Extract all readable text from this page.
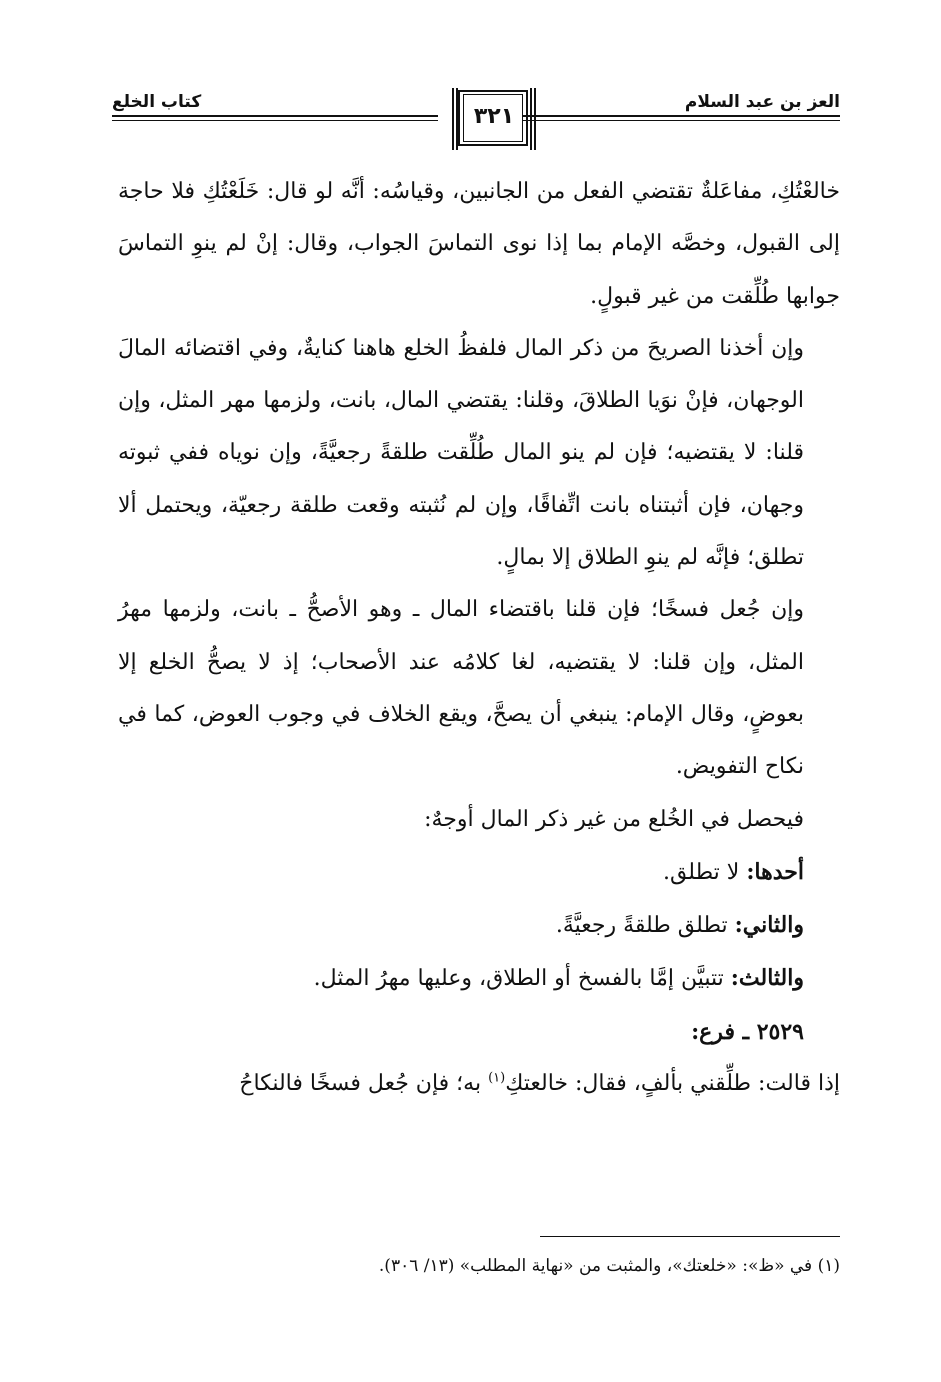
العز بن عبد السلام
كتاب الخلع
٣٢١

خالعْتُكِ، مفاعَلةٌ تقتضي الفعل من الجانبين، وقياسُه: أنَّه لو قال: خَلَعْتُكِ فلا حاجة إلى القبول، وخصَّه الإمام بما إذا نوى التماسَ الجواب، وقال: إنْ لم ينوِ التماسَ جوابها طُلِّقت من غير قبولٍ.

وإن أخذنا الصريحَ من ذكر المال فلفظُ الخلع هاهنا كنايةٌ، وفي اقتضائه المالَ الوجهان، فإنْ نوَيا الطلاقَ، وقلنا: يقتضي المال، بانت، ولزمها مهر المثل، وإن قلنا: لا يقتضيه؛ فإن لم ينو المال طُلِّقت طلقةً رجعيَّةً، وإن نوياه ففي ثبوته وجهان، فإن أثبتناه بانت اتِّفاقًا، وإن لم نُثبته وقعت طلقة رجعيّة، ويحتمل ألا تطلق؛ فإنَّه لم ينوِ الطلاق إلا بمالٍ.

وإن جُعل فسخًا؛ فإن قلنا باقتضاء المال ـ وهو الأصحُّ ـ بانت، ولزمها مهرُ المثل، وإن قلنا: لا يقتضيه، لغا كلامُه عند الأصحاب؛ إذ لا يصحُّ الخلع إلا بعوضٍ، وقال الإمام: ينبغي أن يصحَّ، ويقع الخلاف في وجوب العوض، كما في نكاح التفويض.

فيحصل في الخُلع من غير ذكر المال أوجهٌ:

أحدها: لا تطلق.

والثاني: تطلق طلقةً رجعيَّةً.

والثالث: تتبيَّن إمَّا بالفسخ أو الطلاق، وعليها مهرُ المثل.

٢٥٢٩ ـ فرع:

إذا قالت: طلِّقني بألفٍ، فقال: خالعتكِ$^{(١)}$ به؛ فإن جُعل فسخًا فالنكاحُ

(١) في «ظ»: «خلعتك»، والمثبت من «نهاية المطلب» (١٣/ ٣٠٦).
